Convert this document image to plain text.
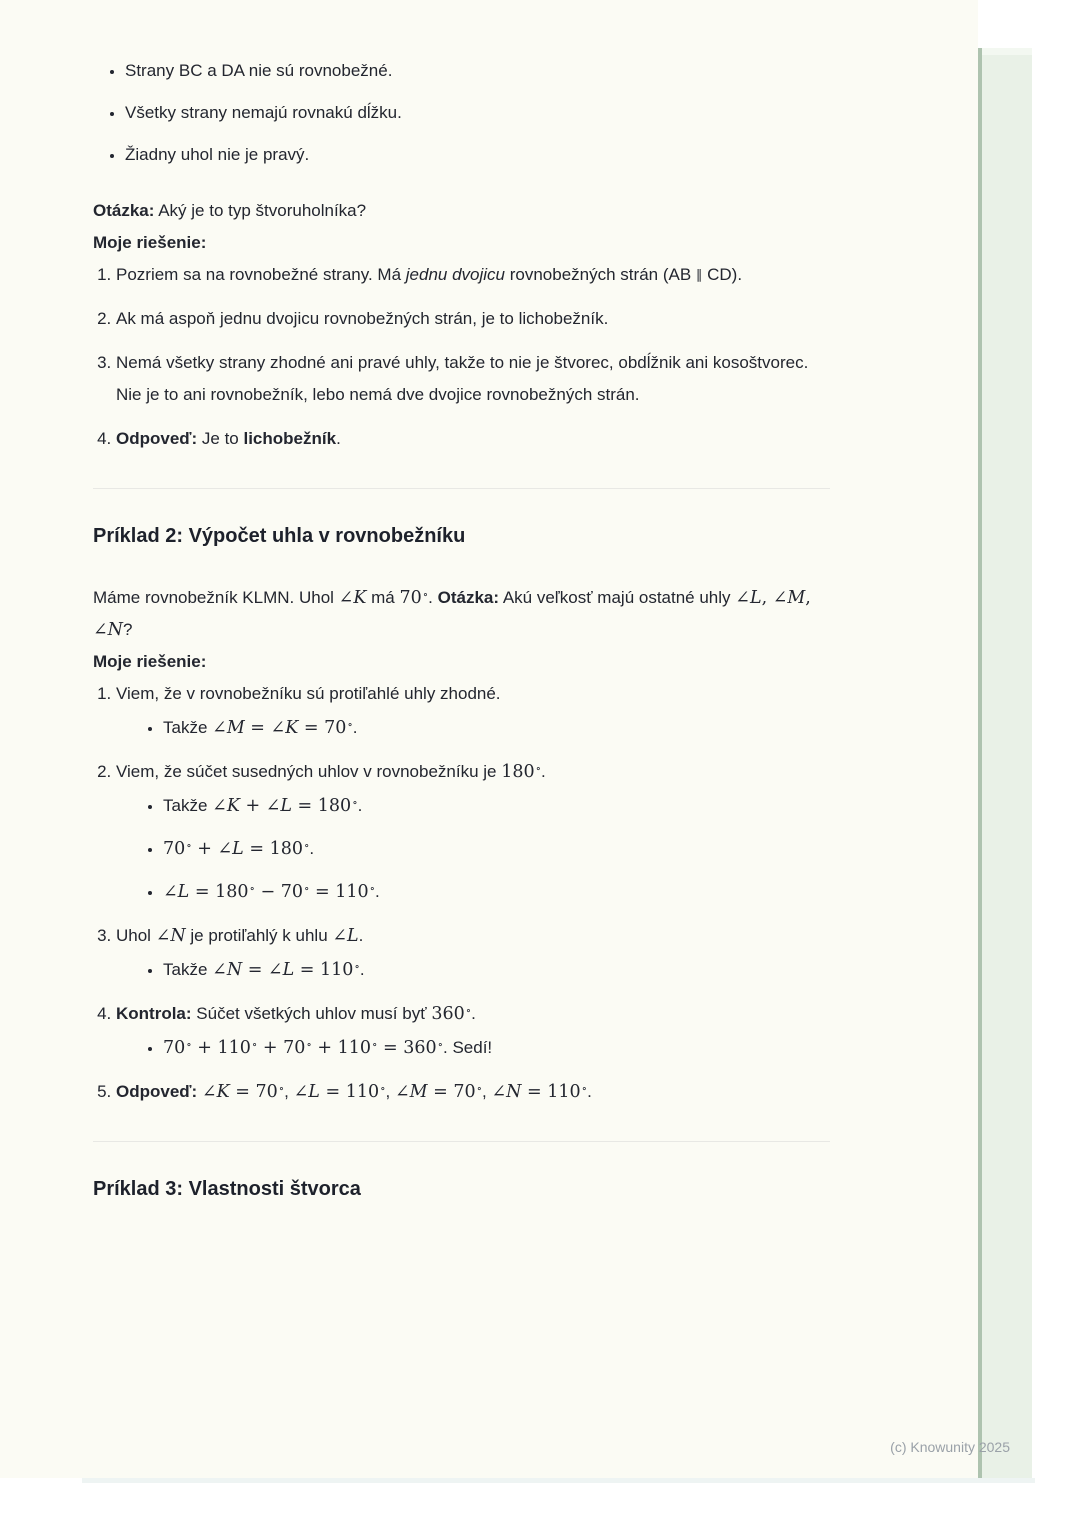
• Strany BC a DA nie sú rovnobežné.
• Všetky strany nemajú rovnakú dĺžku.
• Žiadny uhol nie je pravý.

Otázka: Aký je to typ štvoruholníka?

Moje riešenie:

1. Pozriem sa na rovnobežné strany. Má jednu dvojicu rovnobežných strán (AB ∥ CD).
2. Ak má aspoň jednu dvojicu rovnobežných strán, je to lichobežník.
3. Nemá všetky strany zhodné ani pravé uhly, takže to nie je štvorec, obdĺžnik ani kosoštvorec. Nie je to ani rovnobežník, lebo nemá dve dvojice rovnobežných strán.
4. Odpoveď: Je to lichobežník.
Príklad 2: Výpočet uhla v rovnobežníku

Máme rovnobežník KLMN. Uhol ∠K má 70∘. Otázka: Akú veľkosť majú ostatné uhly ∠L, ∠M, ∠N?

Moje riešenie:

1. Viem, že v rovnobežníku sú protiľahlé uhly zhodné.
• Takže ∠M = ∠K = 70∘.
2. Viem, že súčet susedných uhlov v rovnobežníku je 180∘.
• Takže ∠K + ∠L = 180∘.
• 70∘ + ∠L = 180∘.
• ∠L = 180∘ − 70∘ = 110∘.
3. Uhol ∠N je protiľahlý k uhlu ∠L.
• Takže ∠N = ∠L = 110∘.
4. Kontrola: Súčet všetkých uhlov musí byť 360∘.
• 70∘ + 110∘ + 70∘ + 110∘ = 360∘. Sedí!
5. Odpoveď: ∠K = 70∘, ∠L = 110∘, ∠M = 70∘, ∠N = 110∘.
Príklad 3: Vlastnosti štvorca
(c) Knowunity 2025
